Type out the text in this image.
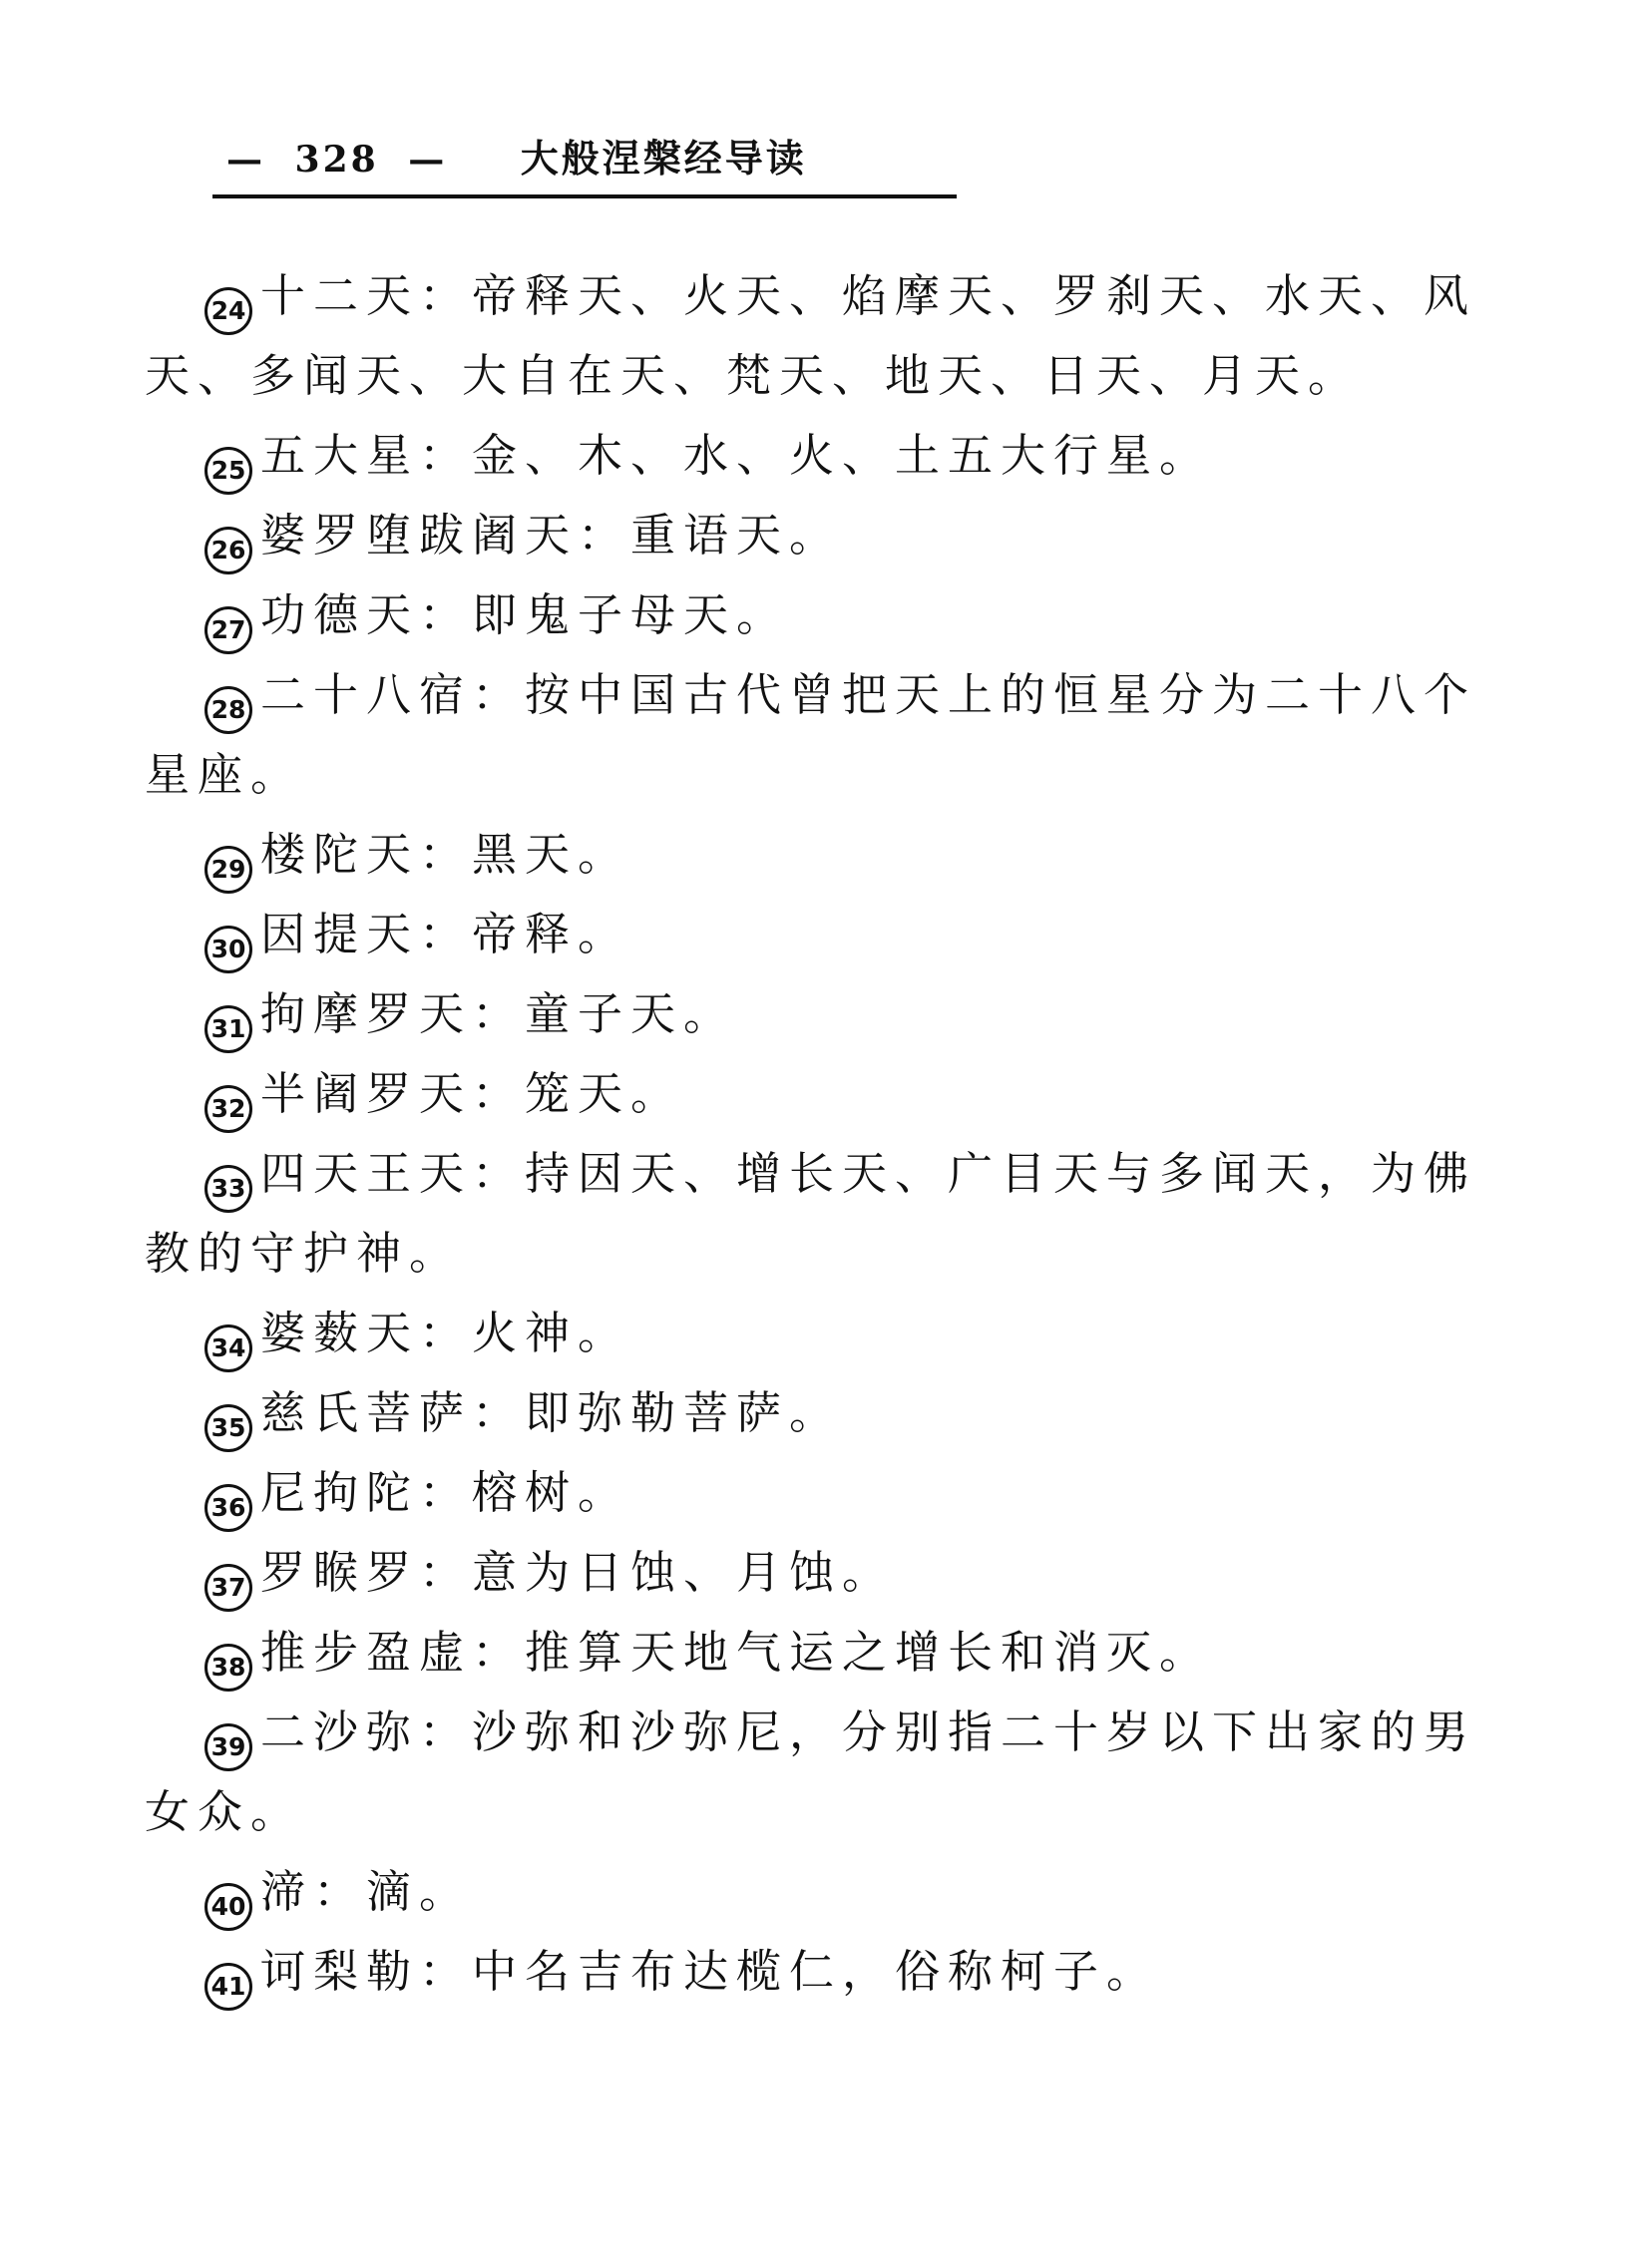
— 328 — 大般涅槃经导读

24 十二天：帝释天、火天、焰摩天、罗刹天、水天、风天、多闻天、大自在天、梵天、地天、日天、月天。

25 五大星：金、木、水、火、土五大行星。

26 婆罗堕跋阇天：重语天。

27 功德天：即鬼子母天。

28 二十八宿：按中国古代曾把天上的恒星分为二十八个星座。

29 楼陀天：黑天。

30 因提天：帝释。

31 拘摩罗天：童子天。

32 半阇罗天：笼天。

33 四天王天：持因天、增长天、广目天与多闻天，为佛教的守护神。

34 婆薮天：火神。

35 慈氏菩萨：即弥勒菩萨。

36 尼拘陀：榕树。

37 罗睺罗：意为日蚀、月蚀。

38 推步盈虚：推算天地气运之增长和消灭。

39 二沙弥：沙弥和沙弥尼，分别指二十岁以下出家的男女众。

40 渧：滴。

41 诃梨勒：中名吉布达榄仁，俗称柯子。
